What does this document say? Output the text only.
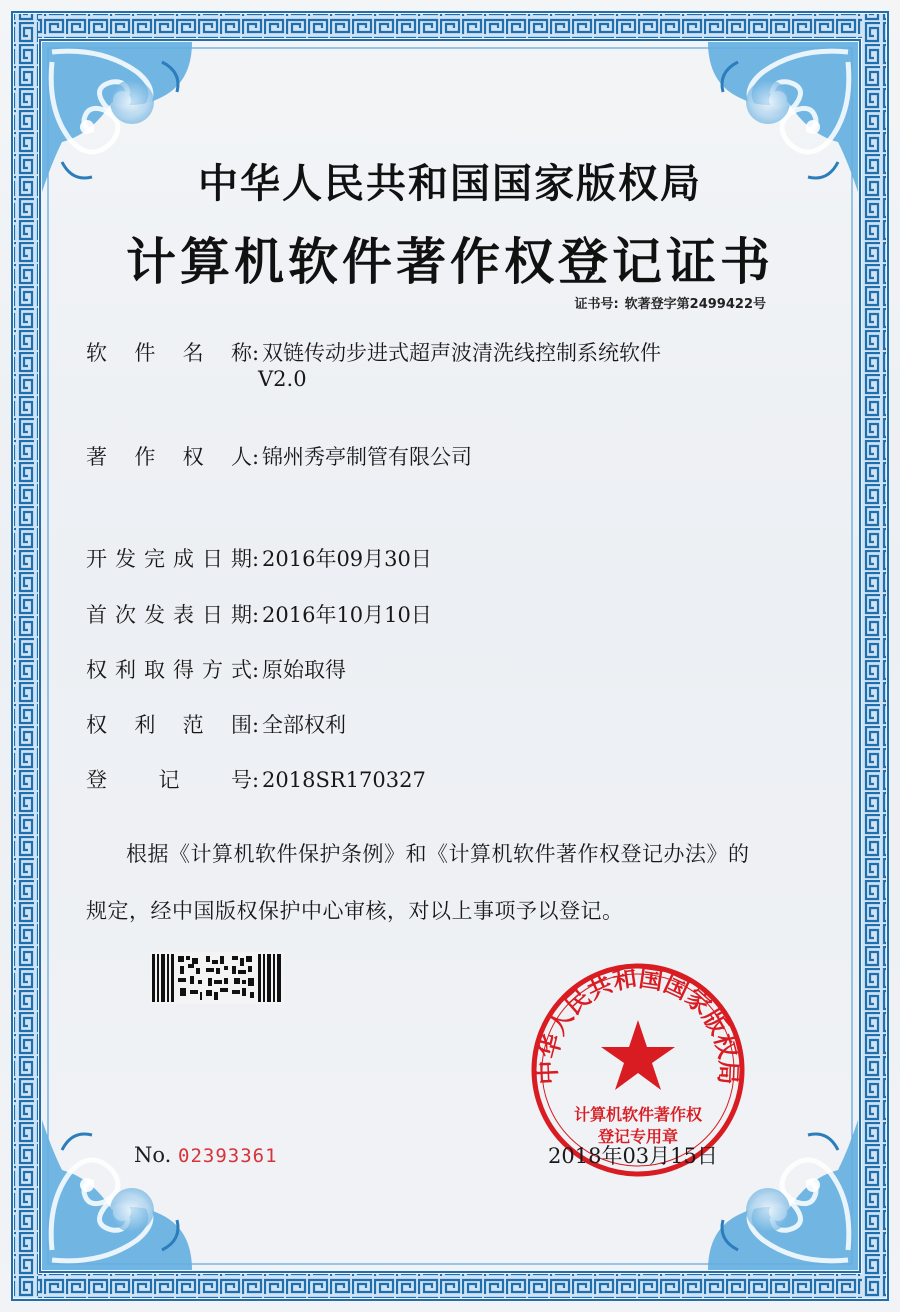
中华人民共和国国家版权局
计算机软件著作权登记证书
证书号: 软著登字第2499422号
软件名称: 双链传动步进式超声波清洗线控制系统软件
V2.0
著作权人: 锦州秀亭制管有限公司
开发完成日期: 2016年09月30日
首次发表日期: 2016年10月10日
权利取得方式: 原始取得
权利范围: 全部权利
登记号: 2018SR170327
根据《计算机软件保护条例》和《计算机软件著作权登记办法》的
规定，经中国版权保护中心审核，对以上事项予以登记。
中华人民共和国国家版权局
计算机软件著作权
登记专用章
No. 02393361	2018年03月15日
